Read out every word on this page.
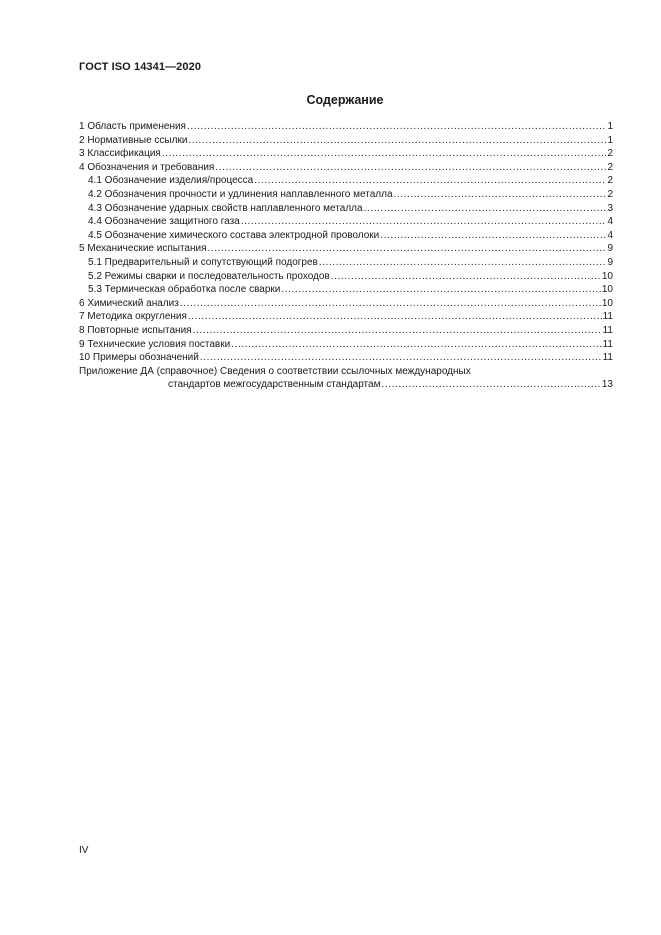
ГОСТ ISO 14341—2020
Содержание
1 Область применения .....	1
2 Нормативные ссылки .....	1
3 Классификация .....	2
4 Обозначения и требования .....	2
4.1 Обозначение изделия/процесса .....	2
4.2 Обозначения прочности и удлинения наплавленного металла .....	2
4.3 Обозначение ударных свойств наплавленного металла .....	3
4.4 Обозначение защитного газа .....	4
4.5 Обозначение химического состава электродной проволоки .....	4
5 Механические испытания .....	9
5.1 Предварительный и сопутствующий подогрев .....	9
5.2 Режимы сварки и последовательность проходов .....	10
5.3 Термическая обработка после сварки .....	10
6 Химический анализ .....	10
7 Методика округления .....	11
8 Повторные испытания .....	11
9 Технические условия поставки .....	11
10 Примеры обозначений .....	11
Приложение ДА (справочное) Сведения о соответствии ссылочных международных
стандартов межгосударственным стандартам .....	13
IV
